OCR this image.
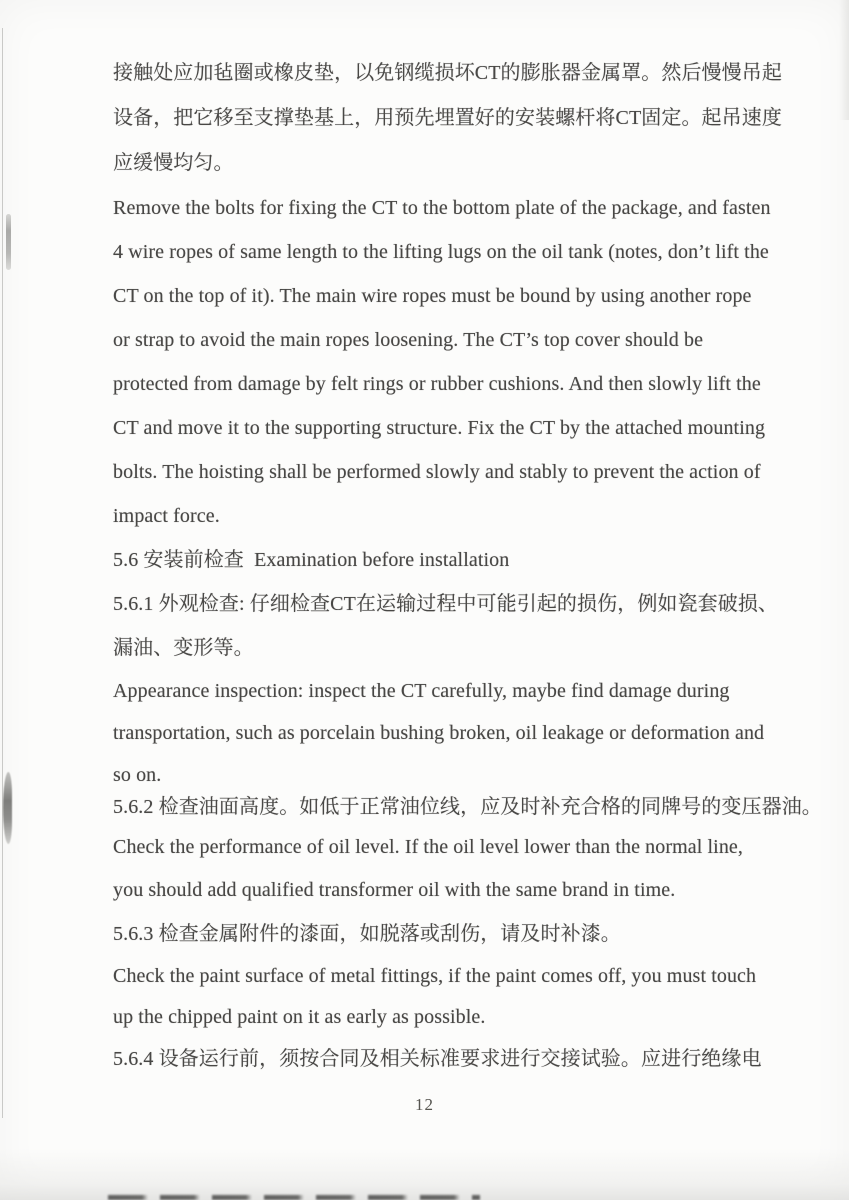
接触处应加毡圈或橡皮垫，以免钢缆损坏CT的膨胀器金属罩。然后慢慢吊起
设备，把它移至支撑垫基上，用预先埋置好的安装螺杆将CT固定。起吊速度
应缓慢均匀。
Remove the bolts for fixing the CT to the bottom plate of the package, and fasten
4 wire ropes of same length to the lifting lugs on the oil tank (notes, don’t lift the
CT on the top of it). The main wire ropes must be bound by using another rope
or strap to avoid the main ropes loosening. The CT’s top cover should be
protected from damage by felt rings or rubber cushions. And then slowly lift the
CT and move it to the supporting structure. Fix the CT by the attached mounting
bolts. The hoisting shall be performed slowly and stably to prevent the action of
impact force.
5.6 安装前检查  Examination before installation
5.6.1 外观检查: 仔细检查CT在运输过程中可能引起的损伤，例如瓷套破损、
漏油、变形等。
Appearance inspection: inspect the CT carefully, maybe find damage during
transportation, such as porcelain bushing broken, oil leakage or deformation and
so on.
5.6.2 检查油面高度。如低于正常油位线，应及时补充合格的同牌号的变压器油。
Check the performance of oil level. If the oil level lower than the normal line,
you should add qualified transformer oil with the same brand in time.
5.6.3 检查金属附件的漆面，如脱落或刮伤，请及时补漆。
Check the paint surface of metal fittings, if the paint comes off, you must touch
up the chipped paint on it as early as possible.
5.6.4 设备运行前，须按合同及相关标准要求进行交接试验。应进行绝缘电
12
